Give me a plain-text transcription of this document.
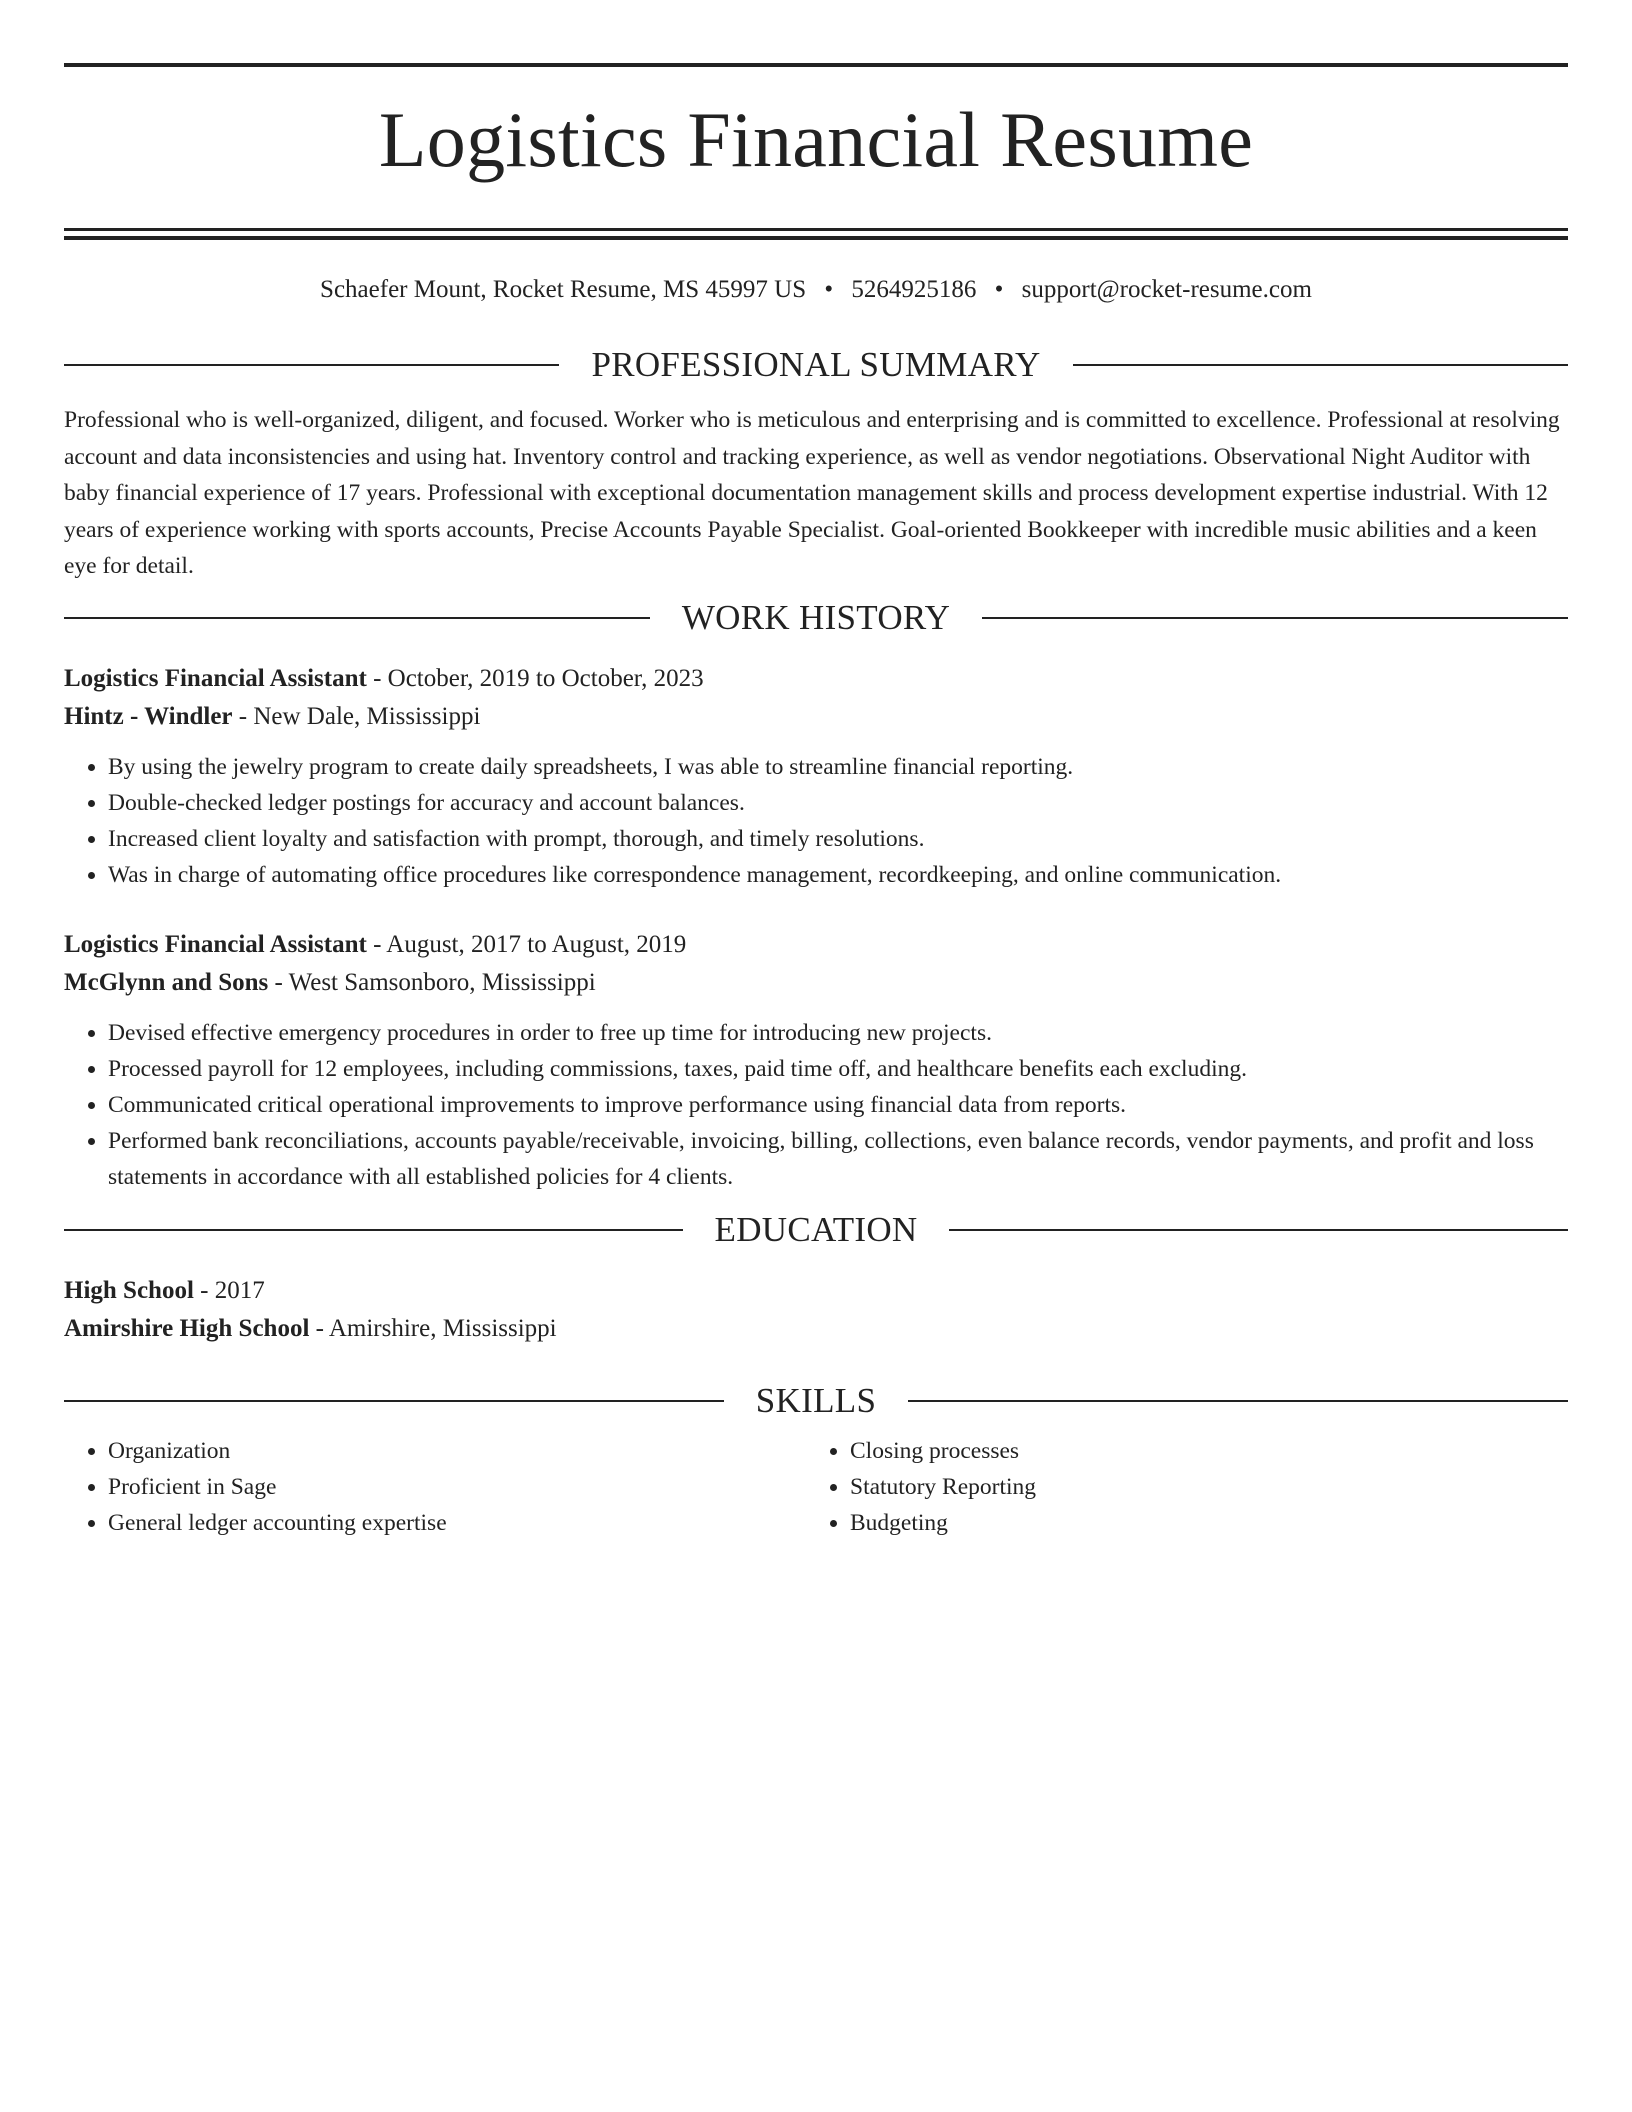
Logistics Financial Resume
Schaefer Mount, Rocket Resume, MS 45997 US • 5264925186 • support@rocket-resume.com
PROFESSIONAL SUMMARY

Professional who is well-organized, diligent, and focused. Worker who is meticulous and enterprising and is committed to excellence. Professional at resolving account and data inconsistencies and using hat. Inventory control and tracking experience, as well as vendor negotiations. Observational Night Auditor with baby financial experience of 17 years. Professional with exceptional documentation management skills and process development expertise industrial. With 12 years of experience working with sports accounts, Precise Accounts Payable Specialist. Goal-oriented Bookkeeper with incredible music abilities and a keen eye for detail.

WORK HISTORY
Logistics Financial Assistant - October, 2019 to October, 2023
Hintz - Windler - New Dale, Mississippi
• By using the jewelry program to create daily spreadsheets, I was able to streamline financial reporting.
• Double-checked ledger postings for accuracy and account balances.
• Increased client loyalty and satisfaction with prompt, thorough, and timely resolutions.
• Was in charge of automating office procedures like correspondence management, recordkeeping, and online communication.
Logistics Financial Assistant - August, 2017 to August, 2019
McGlynn and Sons - West Samsonboro, Mississippi
• Devised effective emergency procedures in order to free up time for introducing new projects.
• Processed payroll for 12 employees, including commissions, taxes, paid time off, and healthcare benefits each excluding.
• Communicated critical operational improvements to improve performance using financial data from reports.
• Performed bank reconciliations, accounts payable/receivable, invoicing, billing, collections, even balance records, vendor payments, and profit and loss statements in accordance with all established policies for 4 clients.
EDUCATION
High School - 2017
Amirshire High School - Amirshire, Mississippi
SKILLS
• Organization
• Proficient in Sage
• General ledger accounting expertise
• Closing processes
• Statutory Reporting
• Budgeting
